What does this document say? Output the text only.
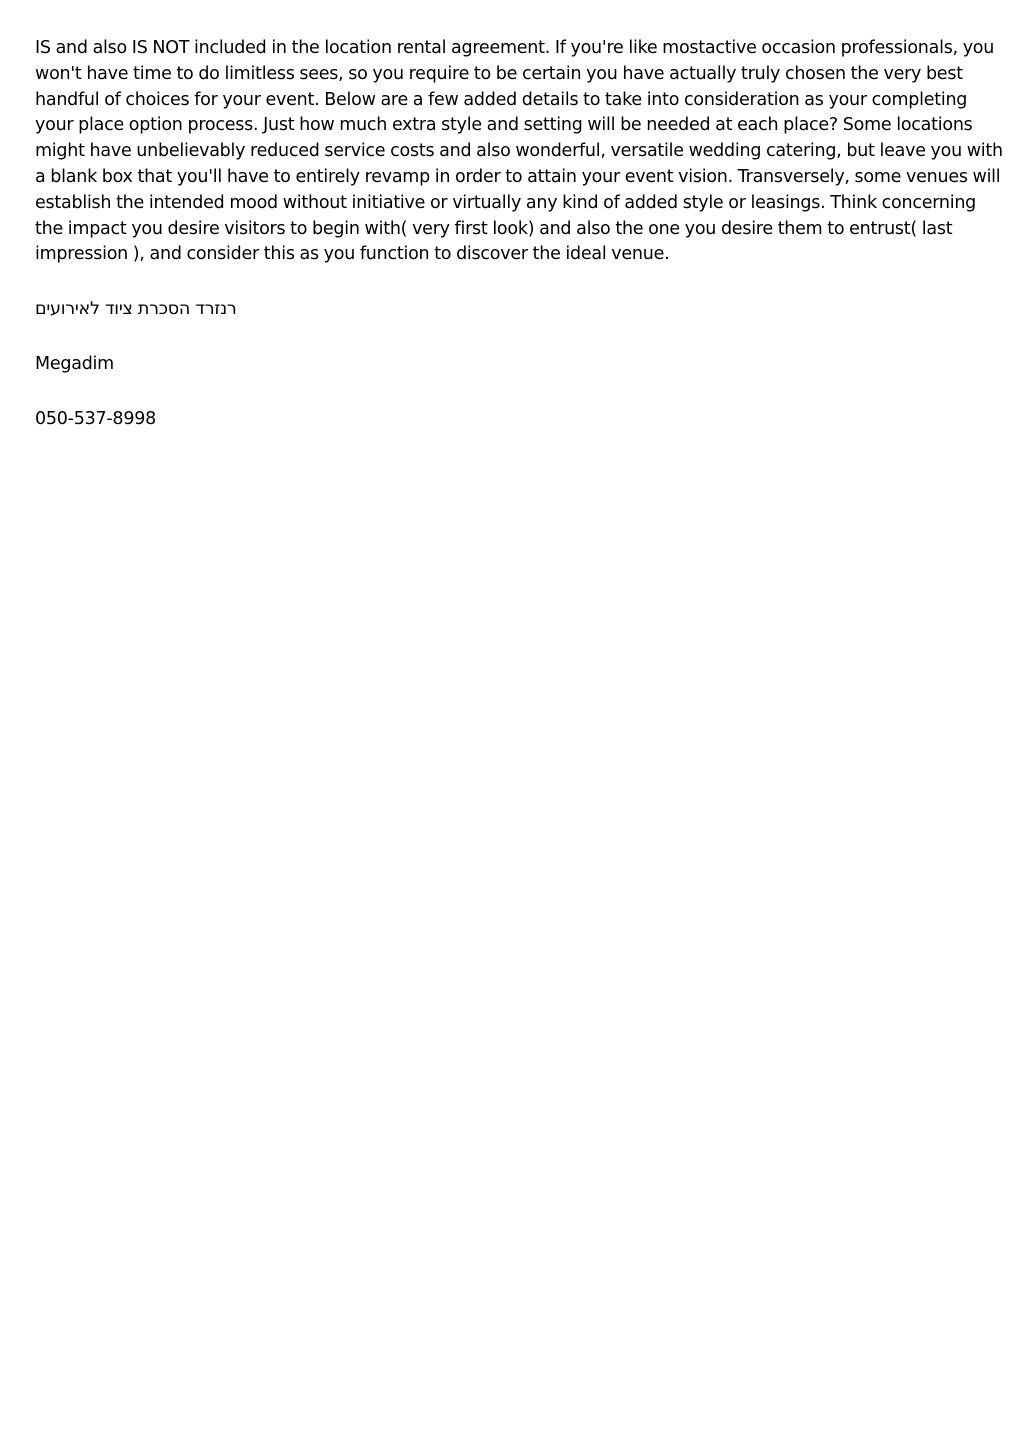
IS and also IS NOT included in the location rental agreement. If you're like mostactive occasion professionals, you
won't have time to do limitless sees, so you require to be certain you have actually truly chosen the very best
handful of choices for your event. Below are a few added details to take into consideration as your completing
your place option process. Just how much extra style and setting will be needed at each place? Some locations
might have unbelievably reduced service costs and also wonderful, versatile wedding catering, but leave you with
a blank box that you'll have to entirely revamp in order to attain your event vision. Transversely, some venues will
establish the intended mood without initiative or virtually any kind of added style or leasings. Think concerning
the impact you desire visitors to begin with( very first look) and also the one you desire them to entrust( last
impression ), and consider this as you function to discover the ideal venue.

רנזרד הסכרת ציוד לאירועים

Megadim

050-537-8998
